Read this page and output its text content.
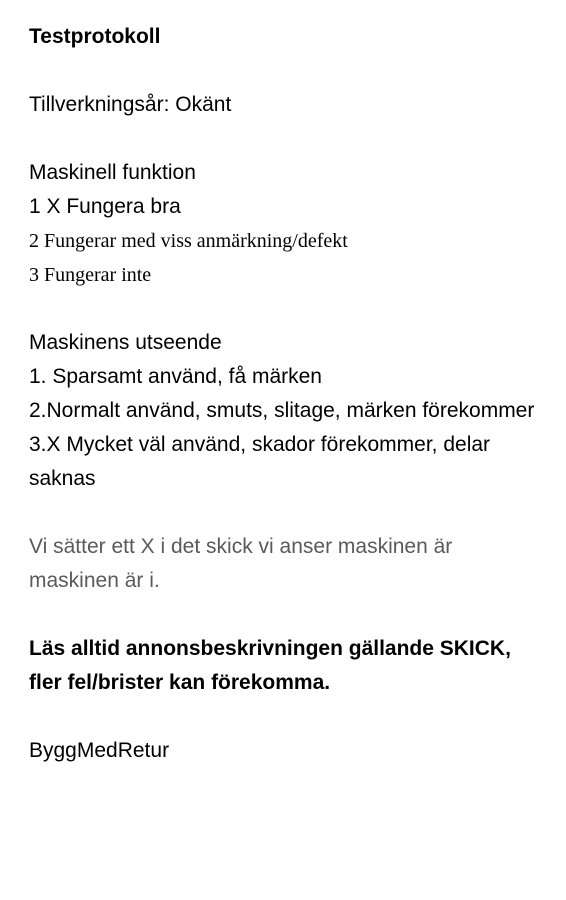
Testprotokoll
Tillverkningsår: Okänt
Maskinell funktion
1 X Fungera bra
2 Fungerar med viss anmärkning/defekt
3 Fungerar inte
Maskinens utseende
1. Sparsamt använd, få märken
2.Normalt använd, smuts, slitage, märken förekommer
3.X Mycket väl använd, skador förekommer, delar saknas
Vi sätter ett X i det skick vi anser maskinen är maskinen är i.
Läs alltid annonsbeskrivningen gällande SKICK, fler fel/brister kan förekomma.
ByggMedRetur
